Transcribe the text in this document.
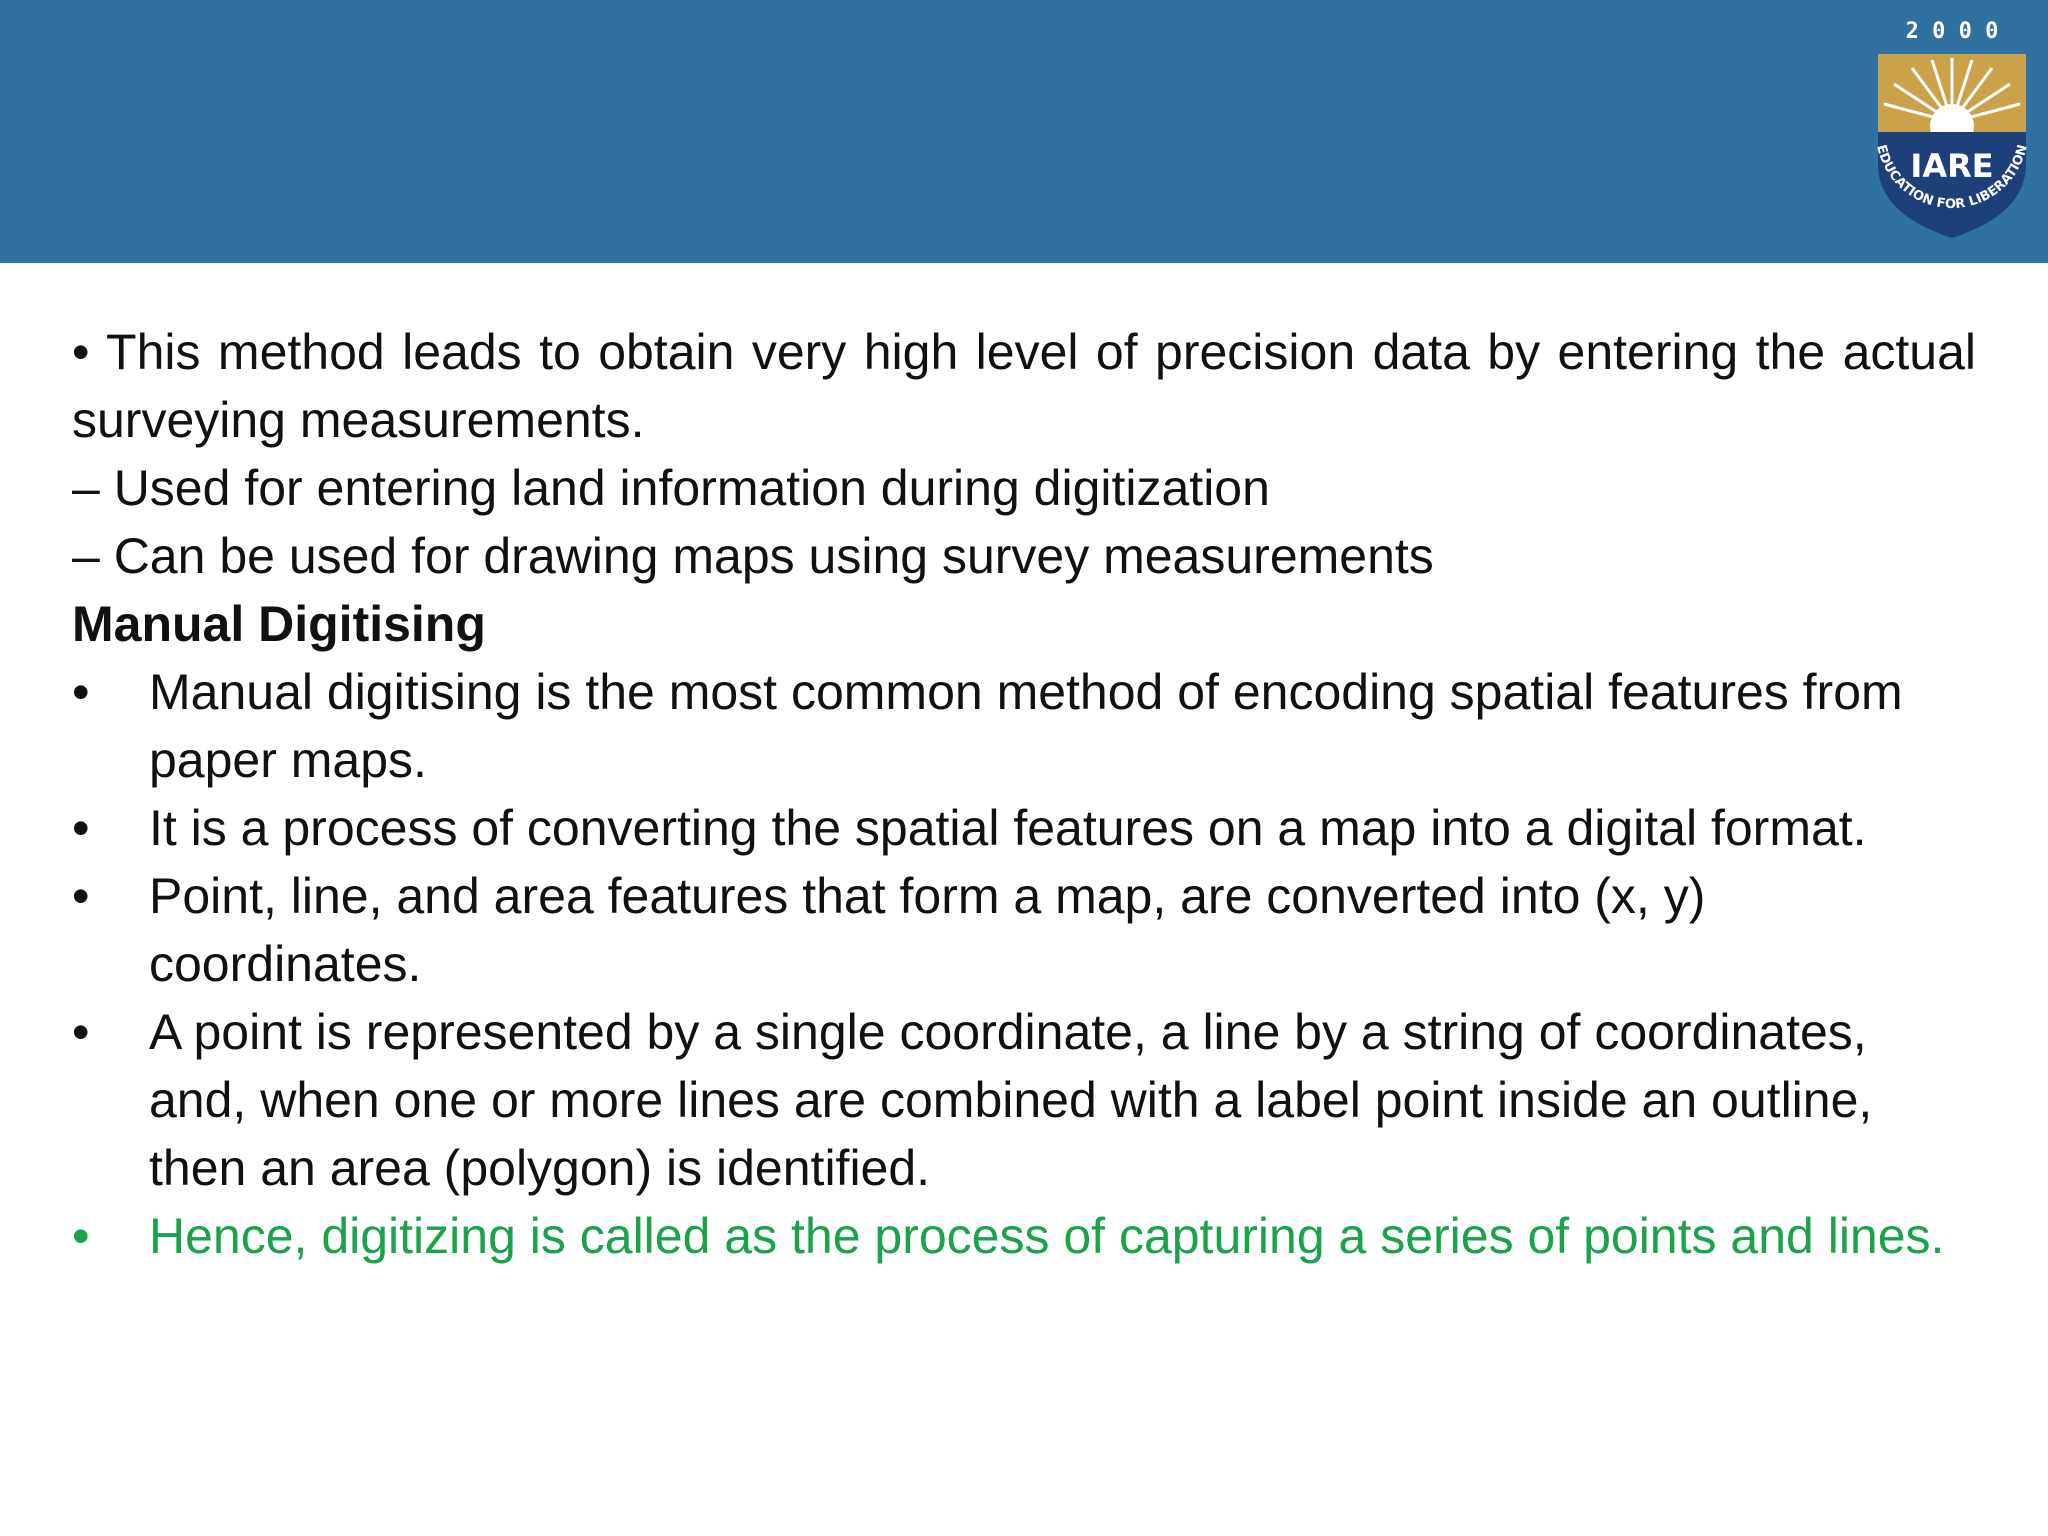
2 0 0 0
IARE
EDUCATION FOR LIBERATION

• This method leads to obtain very high level of precision data by entering the actual surveying measurements.

– Used for entering land information during digitization

– Can be used for drawing maps using survey measurements

Manual Digitising

• Manual digitising is the most common method of encoding spatial features from paper maps.
• It is a process of converting the spatial features on a map into a digital format.
• Point, line, and area features that form a map, are converted into (x, y) coordinates.
• A point is represented by a single coordinate, a line by a string of coordinates, and, when one or more lines are combined with a label point inside an outline, then an area (polygon) is identified.
• Hence, digitizing is called as the process of capturing a series of points and lines.
